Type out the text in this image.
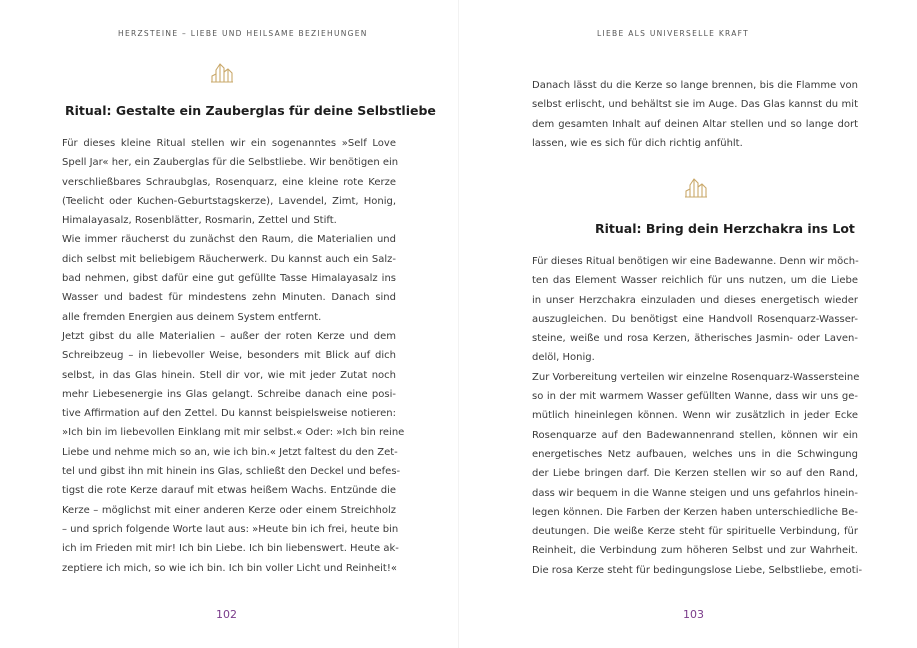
HERZSTEINE – LIEBE UND HEILSAME BEZIEHUNGEN
Ritual: Gestalte ein Zauberglas für deine Selbstliebe
Für dieses kleine Ritual stellen wir ein sogenanntes »Self Love
Spell Jar« her, ein Zauberglas für die Selbstliebe. Wir benötigen ein
verschließbares Schraubglas, Rosenquarz, eine kleine rote Kerze
(Teelicht oder Kuchen-Geburtstagskerze), Lavendel, Zimt, Honig,
Himalayasalz, Rosenblätter, Rosmarin, Zettel und Stift.
Wie immer räucherst du zunächst den Raum, die Materialien und
dich selbst mit beliebigem Räucherwerk. Du kannst auch ein Salz-
bad nehmen, gibst dafür eine gut gefüllte Tasse Himalayasalz ins
Wasser und badest für mindestens zehn Minuten. Danach sind
alle fremden Energien aus deinem System entfernt.
Jetzt gibst du alle Materialien – außer der roten Kerze und dem
Schreibzeug – in liebevoller Weise, besonders mit Blick auf dich
selbst, in das Glas hinein. Stell dir vor, wie mit jeder Zutat noch
mehr Liebesenergie ins Glas gelangt. Schreibe danach eine posi-
tive Affirmation auf den Zettel. Du kannst beispielsweise notieren:
»Ich bin im liebevollen Einklang mit mir selbst.« Oder: »Ich bin reine
Liebe und nehme mich so an, wie ich bin.« Jetzt faltest du den Zet-
tel und gibst ihn mit hinein ins Glas, schließt den Deckel und befes-
tigst die rote Kerze darauf mit etwas heißem Wachs. Entzünde die
Kerze – möglichst mit einer anderen Kerze oder einem Streichholz
– und sprich folgende Worte laut aus: »Heute bin ich frei, heute bin
ich im Frieden mit mir! Ich bin Liebe. Ich bin liebenswert. Heute ak-
zeptiere ich mich, so wie ich bin. Ich bin voller Licht und Reinheit!«
102
LIEBE ALS UNIVERSELLE KRAFT
Danach lässt du die Kerze so lange brennen, bis die Flamme von
selbst erlischt, und behältst sie im Auge. Das Glas kannst du mit
dem gesamten Inhalt auf deinen Altar stellen und so lange dort
lassen, wie es sich für dich richtig anfühlt.
Ritual: Bring dein Herzchakra ins Lot
Für dieses Ritual benötigen wir eine Badewanne. Denn wir möch-
ten das Element Wasser reichlich für uns nutzen, um die Liebe
in unser Herzchakra einzuladen und dieses energetisch wieder
auszugleichen. Du benötigst eine Handvoll Rosenquarz-Wasser-
steine, weiße und rosa Kerzen, ätherisches Jasmin- oder Laven-
delöl, Honig.
Zur Vorbereitung verteilen wir einzelne Rosenquarz-Wassersteine
so in der mit warmem Wasser gefüllten Wanne, dass wir uns ge-
mütlich hineinlegen können. Wenn wir zusätzlich in jeder Ecke
Rosenquarze auf den Badewannenrand stellen, können wir ein
energetisches Netz aufbauen, welches uns in die Schwingung
der Liebe bringen darf. Die Kerzen stellen wir so auf den Rand,
dass wir bequem in die Wanne steigen und uns gefahrlos hinein-
legen können. Die Farben der Kerzen haben unterschiedliche Be-
deutungen. Die weiße Kerze steht für spirituelle Verbindung, für
Reinheit, die Verbindung zum höheren Selbst und zur Wahrheit.
Die rosa Kerze steht für bedingungslose Liebe, Selbstliebe, emoti-
103
